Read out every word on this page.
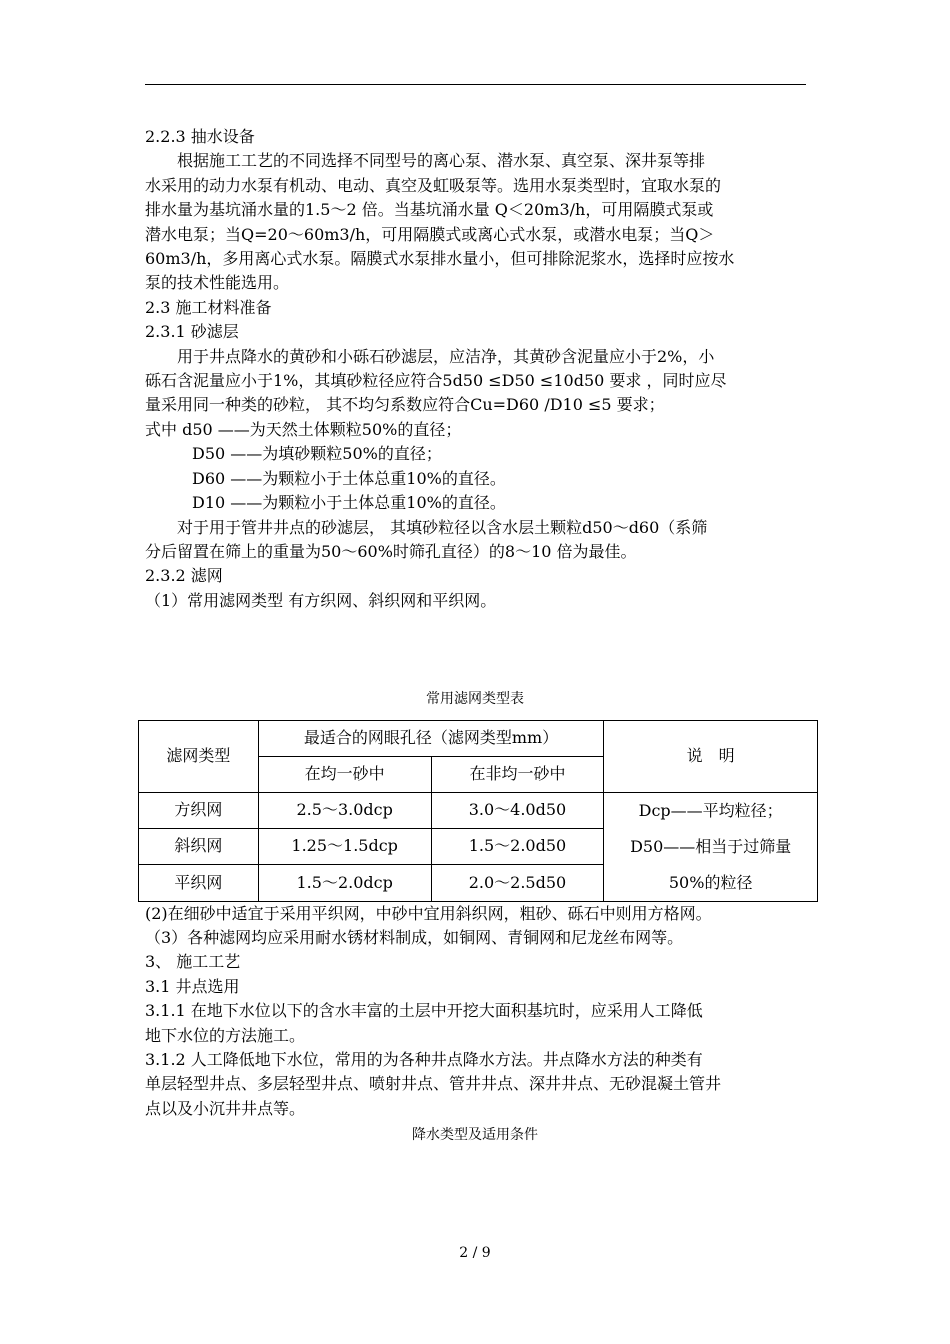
2.2.3 抽水设备
根据施工工艺的不同选择不同型号的离心泵、潜水泵、真空泵、深井泵等排
水采用的动力水泵有机动、电动、真空及虹吸泵等。选用水泵类型时，宜取水泵的
排水量为基坑涌水量的1.5～2 倍。当基坑涌水量 Q＜20m3/h，可用隔膜式泵或
潜水电泵；当Q=20～60m3/h，可用隔膜式或离心式水泵，或潜水电泵；当Q＞
60m3/h，多用离心式水泵。隔膜式水泵排水量小，但可排除泥浆水，选择时应按水
泵的技术性能选用。
2.3 施工材料准备
2.3.1 砂滤层
用于井点降水的黄砂和小砾石砂滤层，应洁净，其黄砂含泥量应小于2%，小
砾石含泥量应小于1%，其填砂粒径应符合5d50 ≤D50 ≤10d50 要求 ，同时应尽
量采用同一种类的砂粒， 其不均匀系数应符合Cu=D60 /D10 ≤5 要求；
式中 d50 ——为天然土体颗粒50%的直径；
D50 ——为填砂颗粒50%的直径；
D60 ——为颗粒小于土体总重10%的直径。
D10 ——为颗粒小于土体总重10%的直径。
对于用于管井井点的砂滤层， 其填砂粒径以含水层土颗粒d50～d60（系筛
分后留置在筛上的重量为50～60%时筛孔直径）的8～10 倍为最佳。
2.3.2 滤网
（1）常用滤网类型 有方织网、斜织网和平织网。
常用滤网类型表
滤网类型	最适合的网眼孔径（滤网类型mm）		说　明
	在均一砂中	在非均一砂中	
方织网	2.5～3.0dcp	3.0～4.0d50	Dcp——平均粒径；
D50——相当于过筛量
50%的粒径

斜织网	1.25～1.5dcp	1.5～2.0d50	
平织网	1.5～2.0dcp	2.0～2.5d50	
(2)在细砂中适宜于采用平织网，中砂中宜用斜织网，粗砂、砾石中则用方格网。
（3）各种滤网均应采用耐水锈材料制成，如铜网、青铜网和尼龙丝布网等。
3、 施工工艺
3.1 井点选用
3.1.1 在地下水位以下的含水丰富的土层中开挖大面积基坑时，应采用人工降低
地下水位的方法施工。
3.1.2 人工降低地下水位，常用的为各种井点降水方法。井点降水方法的种类有
单层轻型井点、多层轻型井点、喷射井点、管井井点、深井井点、无砂混凝土管井
点以及小沉井井点等。
降水类型及适用条件
2 / 9
